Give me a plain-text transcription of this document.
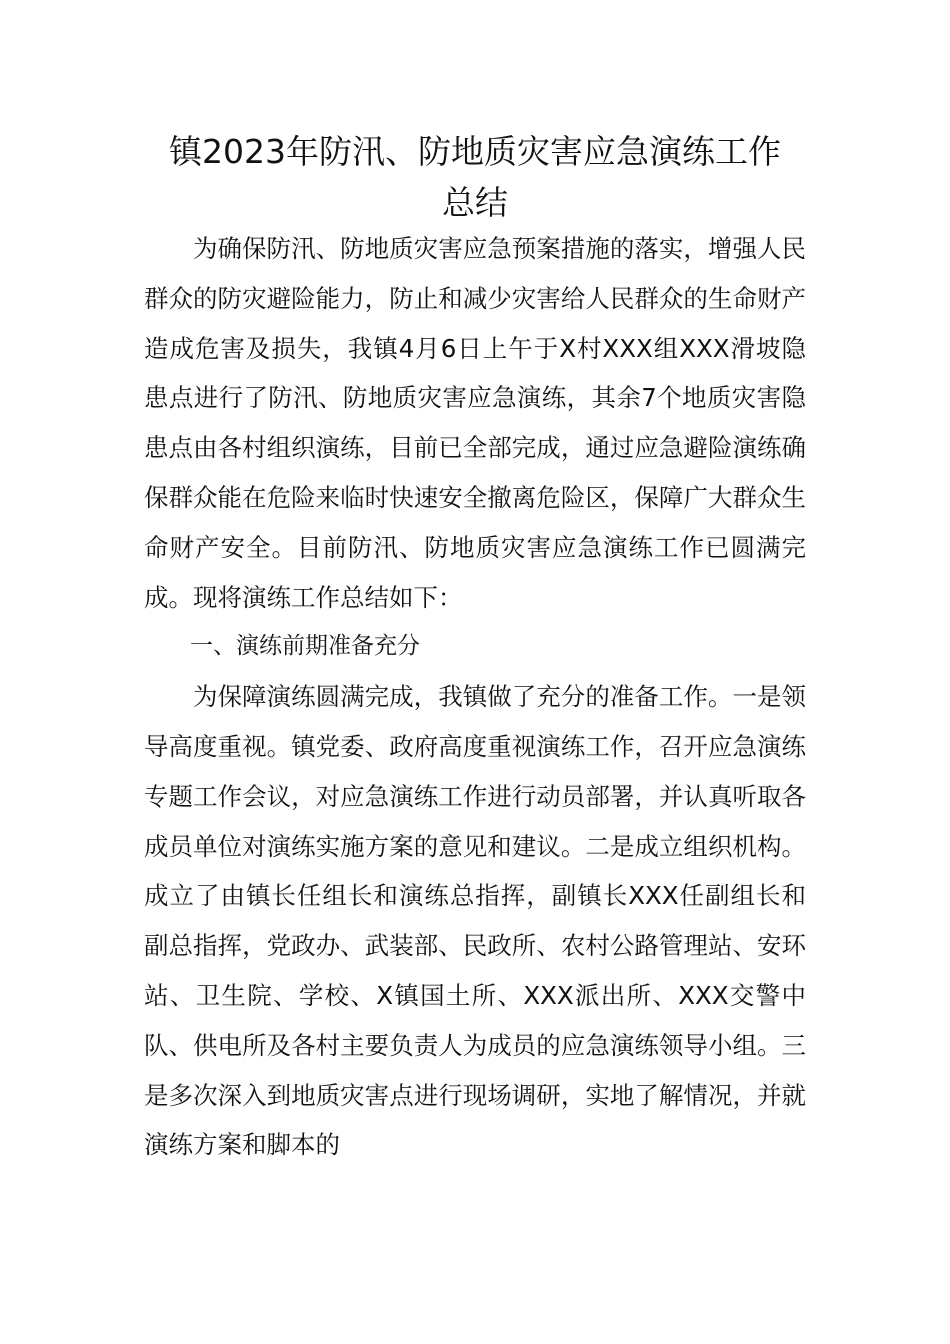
镇2023年防汛、防地质灾害应急演练工作
总结

为确保防汛、防地质灾害应急预案措施的落实，增强人民群众的防灾避险能力，防止和减少灾害给人民群众的生命财产造成危害及损失，我镇4月6日上午于X村XXX组XXX滑坡隐患点进行了防汛、防地质灾害应急演练，其余7个地质灾害隐患点由各村组织演练，目前已全部完成，通过应急避险演练确保群众能在危险来临时快速安全撤离危险区，保障广大群众生命财产安全。目前防汛、防地质灾害应急演练工作已圆满完成。现将演练工作总结如下：

一、演练前期准备充分

为保障演练圆满完成，我镇做了充分的准备工作。一是领导高度重视。镇党委、政府高度重视演练工作，召开应急演练专题工作会议，对应急演练工作进行动员部署，并认真听取各成员单位对演练实施方案的意见和建议。二是成立组织机构。成立了由镇长任组长和演练总指挥，副镇长XXX任副组长和副总指挥，党政办、武装部、民政所、农村公路管理站、安环站、卫生院、学校、X镇国土所、XXX派出所、XXX交警中队、供电所及各村主要负责人为成员的应急演练领导小组。三是多次深入到地质灾害点进行现场调研，实地了解情况，并就演练方案和脚本的
